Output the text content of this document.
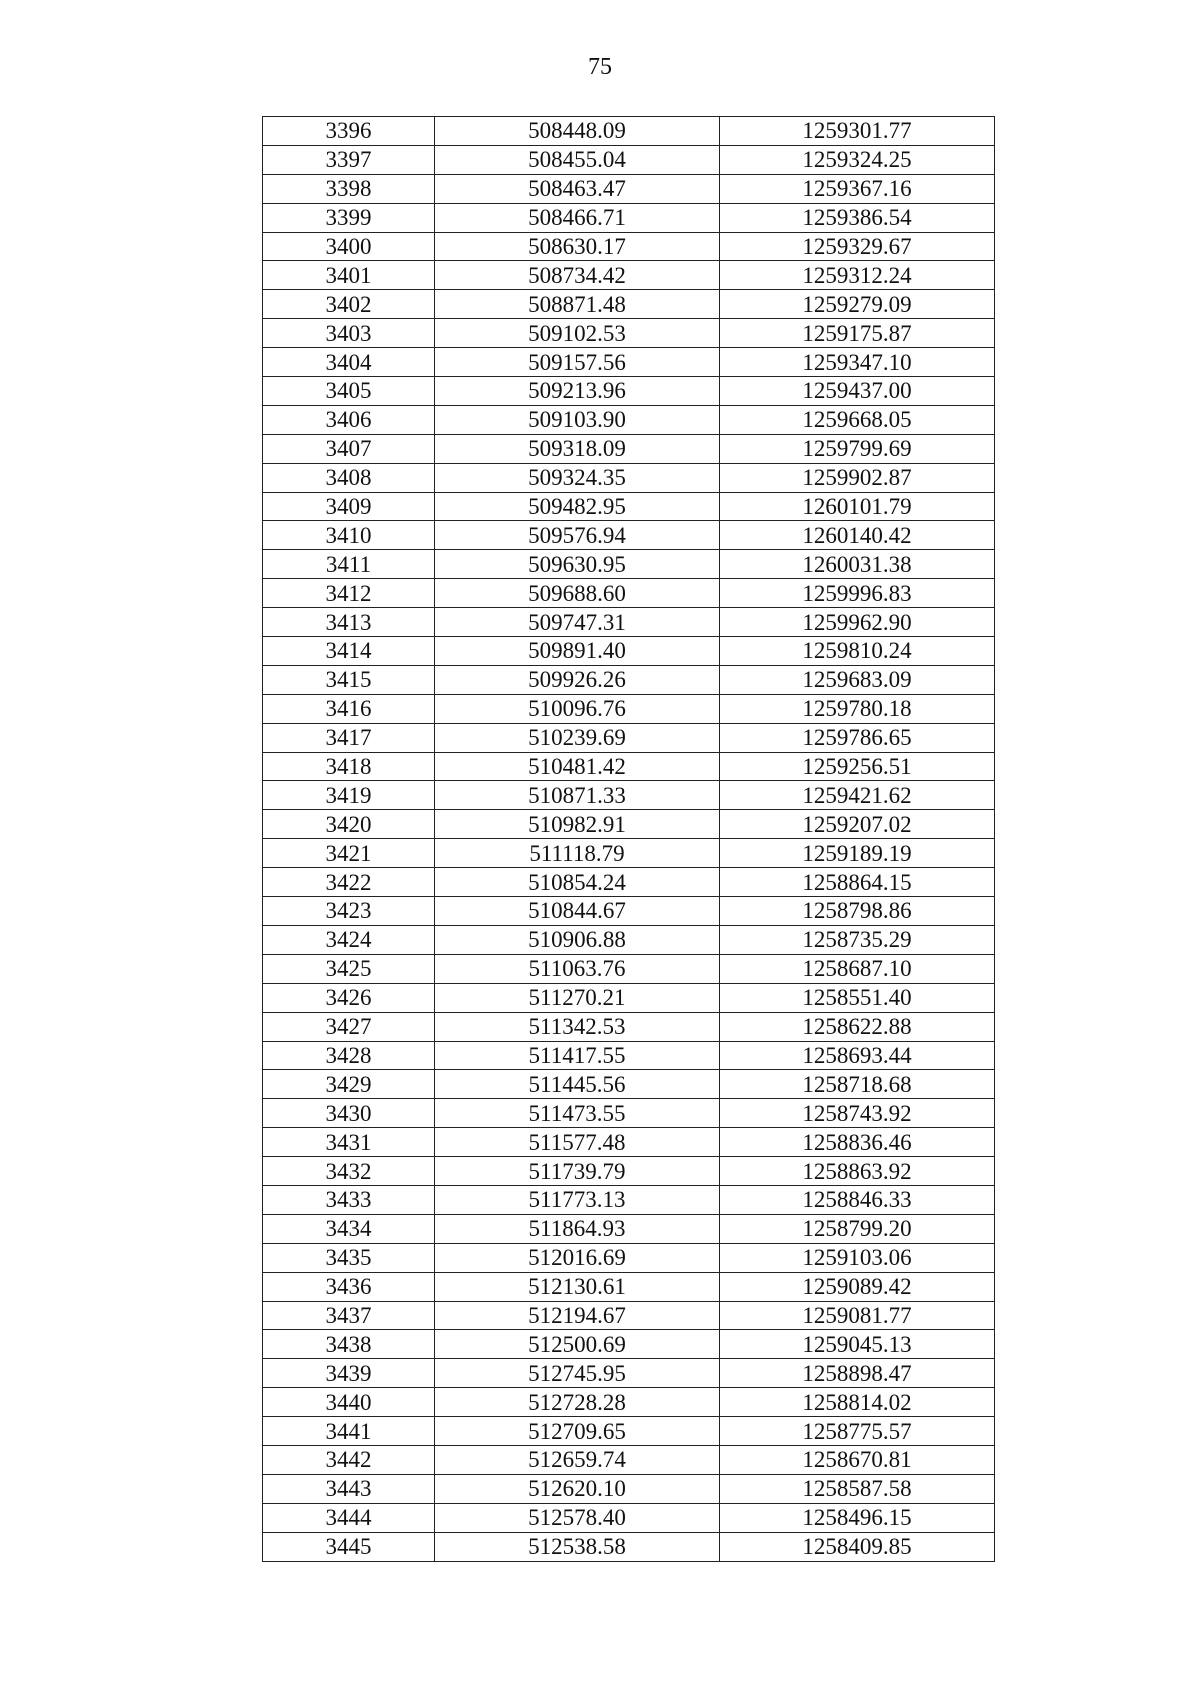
75
3396	508448.09	1259301.77
3397	508455.04	1259324.25
3398	508463.47	1259367.16
3399	508466.71	1259386.54
3400	508630.17	1259329.67
3401	508734.42	1259312.24
3402	508871.48	1259279.09
3403	509102.53	1259175.87
3404	509157.56	1259347.10
3405	509213.96	1259437.00
3406	509103.90	1259668.05
3407	509318.09	1259799.69
3408	509324.35	1259902.87
3409	509482.95	1260101.79
3410	509576.94	1260140.42
3411	509630.95	1260031.38
3412	509688.60	1259996.83
3413	509747.31	1259962.90
3414	509891.40	1259810.24
3415	509926.26	1259683.09
3416	510096.76	1259780.18
3417	510239.69	1259786.65
3418	510481.42	1259256.51
3419	510871.33	1259421.62
3420	510982.91	1259207.02
3421	511118.79	1259189.19
3422	510854.24	1258864.15
3423	510844.67	1258798.86
3424	510906.88	1258735.29
3425	511063.76	1258687.10
3426	511270.21	1258551.40
3427	511342.53	1258622.88
3428	511417.55	1258693.44
3429	511445.56	1258718.68
3430	511473.55	1258743.92
3431	511577.48	1258836.46
3432	511739.79	1258863.92
3433	511773.13	1258846.33
3434	511864.93	1258799.20
3435	512016.69	1259103.06
3436	512130.61	1259089.42
3437	512194.67	1259081.77
3438	512500.69	1259045.13
3439	512745.95	1258898.47
3440	512728.28	1258814.02
3441	512709.65	1258775.57
3442	512659.74	1258670.81
3443	512620.10	1258587.58
3444	512578.40	1258496.15
3445	512538.58	1258409.85
